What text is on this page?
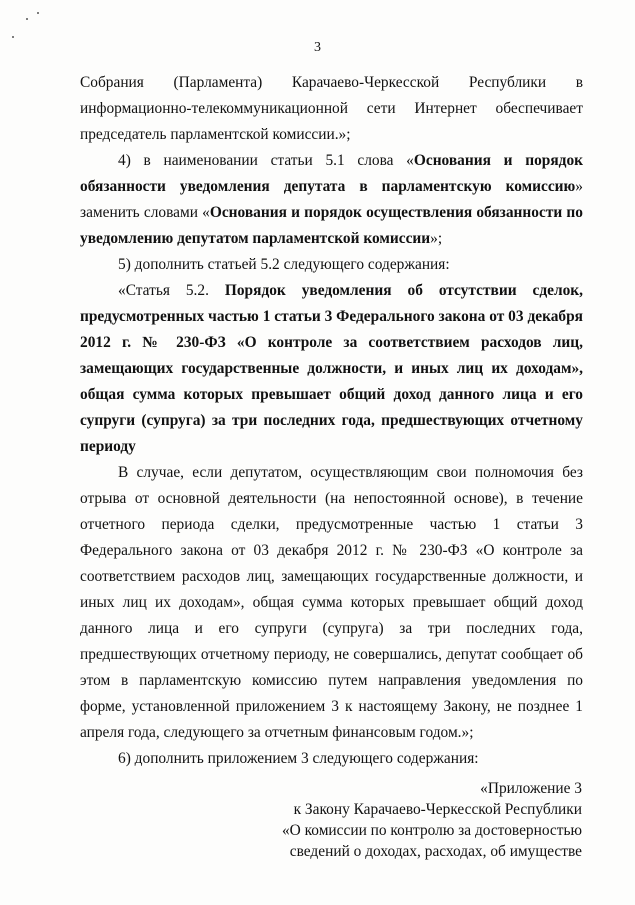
3

Собрания (Парламента) Карачаево-Черкесской Республики в информационно-телекоммуникационной сети Интернет обеспечивает председатель парламентской комиссии.»;

4) в наименовании статьи 5.1 слова «Основания и порядок обязанности уведомления депутата в парламентскую комиссию» заменить словами «Основания и порядок осуществления обязанности по уведомлению депутатом парламентской комиссии»;

5) дополнить статьей 5.2 следующего содержания:

«Статья 5.2. Порядок уведомления об отсутствии сделок, предусмотренных частью 1 статьи 3 Федерального закона от 03 декабря 2012 г. № 230-ФЗ «О контроле за соответствием расходов лиц, замещающих государственные должности, и иных лиц их доходам», общая сумма которых превышает общий доход данного лица и его супруги (супруга) за три последних года, предшествующих отчетному периоду

В случае, если депутатом, осуществляющим свои полномочия без отрыва от основной деятельности (на непостоянной основе), в течение отчетного периода сделки, предусмотренные частью 1 статьи 3 Федерального закона от 03 декабря 2012 г. № 230-ФЗ «О контроле за соответствием расходов лиц, замещающих государственные должности, и иных лиц их доходам», общая сумма которых превышает общий доход данного лица и его супруги (супруга) за три последних года, предшествующих отчетному периоду, не совершались, депутат сообщает об этом в парламентскую комиссию путем направления уведомления по форме, установленной приложением 3 к настоящему Закону, не позднее 1 апреля года, следующего за отчетным финансовым годом.»;

6) дополнить приложением 3 следующего содержания:

«Приложение 3

к Закону Карачаево-Черкесской Республики

«О комиссии по контролю за достоверностью

сведений о доходах, расходах, об имуществе
